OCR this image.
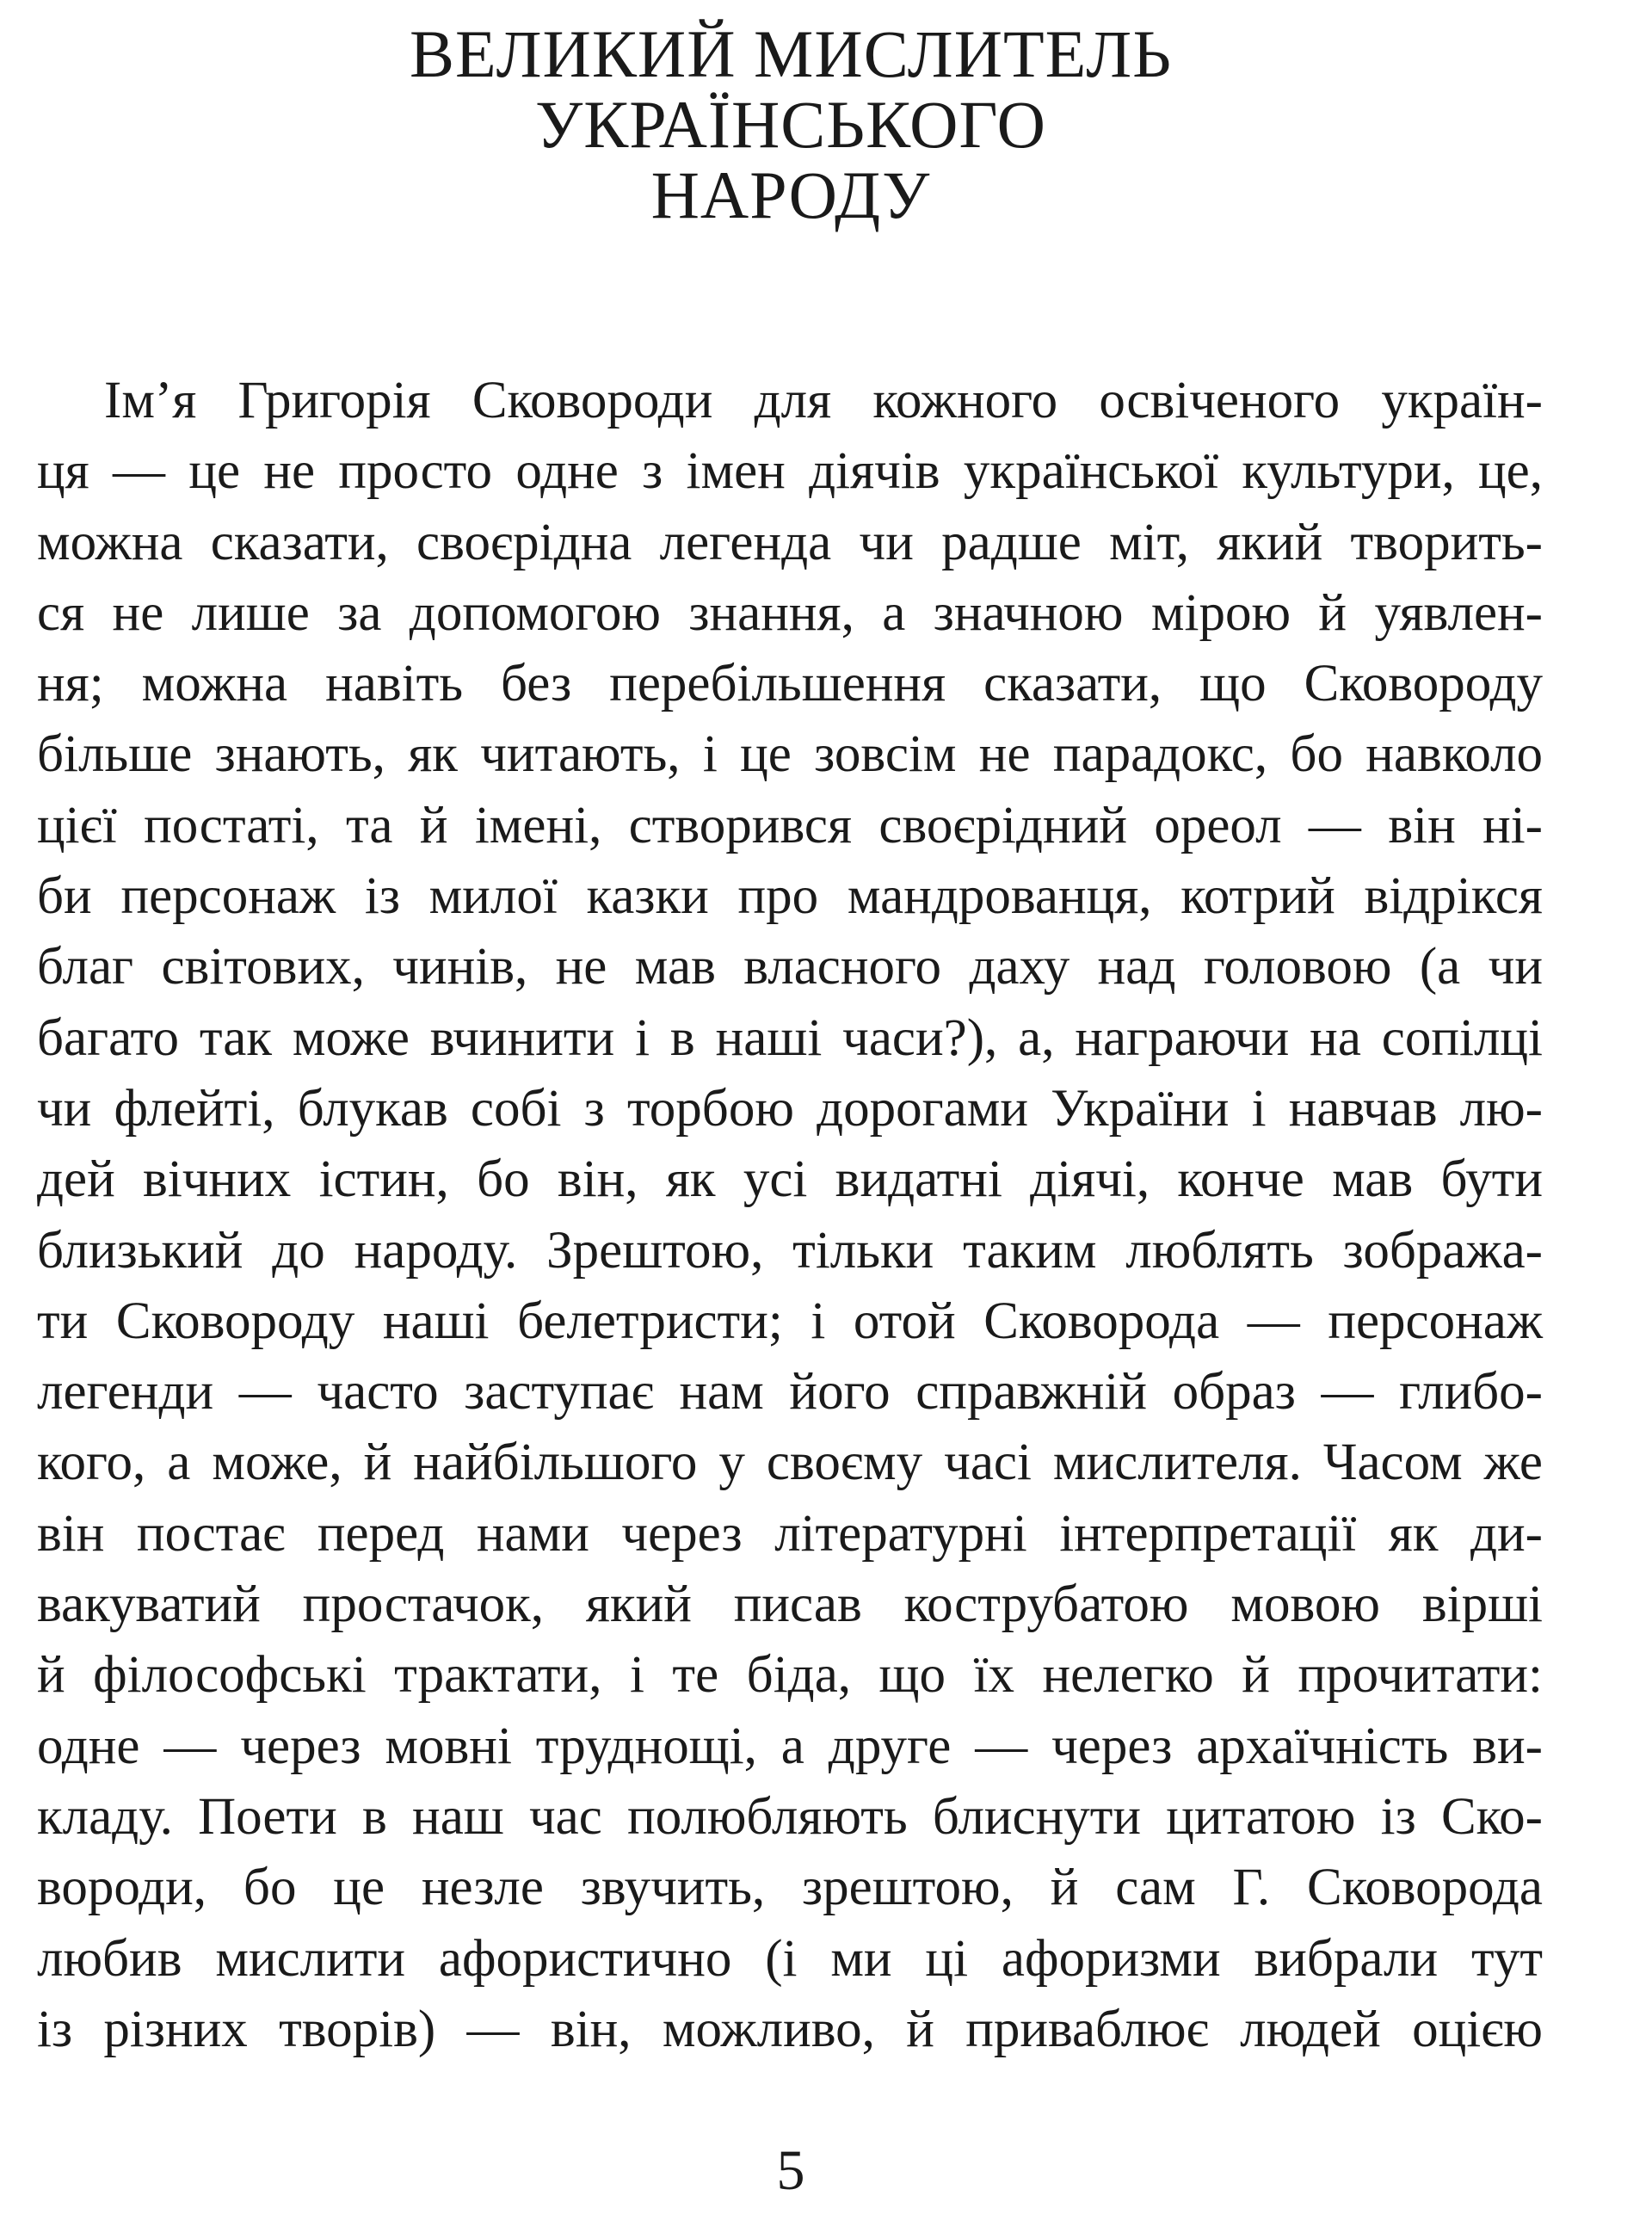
ВЕЛИКИЙ МИСЛИТЕЛЬ
УКРАЇНСЬКОГО
НАРОДУ
Ім’я Григорія Сковороди для кожного освіченого україн-
ця — це не просто одне з імен діячів української культури, це,
можна сказати, своєрідна легенда чи радше міт, який творить-
ся не лише за допомогою знання, а значною мірою й уявлен-
ня; можна навіть без перебільшення сказати, що Сковороду
більше знають, як читають, і це зовсім не парадокс, бо навколо
цієї постаті, та й імені, створився своєрідний ореол — він ні-
би персонаж із милої казки про мандрованця, котрий відрікся
благ світових, чинів, не мав власного даху над головою (а чи
багато так може вчинити і в наші часи?), а, награючи на сопілці
чи флейті, блукав собі з торбою дорогами України і навчав лю-
дей вічних істин, бо він, як усі видатні діячі, конче мав бути
близький до народу. Зрештою, тільки таким люблять зобража-
ти Сковороду наші белетристи; і отой Сковорода — персонаж
легенди — часто заступає нам його справжній образ — глибо-
кого, а може, й найбільшого у своєму часі мислителя. Часом же
він постає перед нами через літературні інтерпретації як ди-
вакуватий простачок, який писав кострубатою мовою вірші
й філософські трактати, і те біда, що їх нелегко й прочитати:
одне — через мовні труднощі, а друге — через архаїчність ви-
кладу. Поети в наш час полюбляють блиснути цитатою із Ско-
вороди, бо це незле звучить, зрештою, й сам Г. Сковорода
любив мислити афористично (і ми ці афоризми вибрали тут
із різних творів) — він, можливо, й приваблює людей оцією
5
